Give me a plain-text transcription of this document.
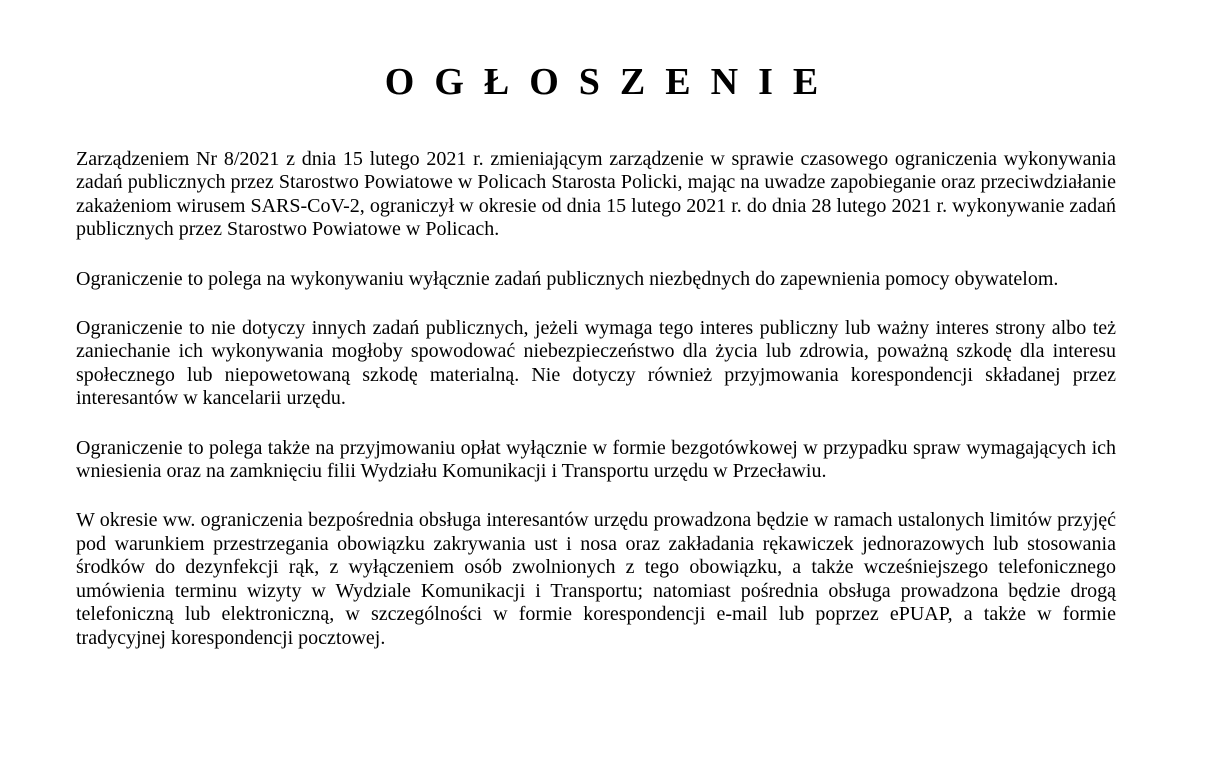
OGŁOSZENIE

Zarządzeniem Nr 8/2021 z dnia 15 lutego 2021 r. zmieniającym zarządzenie w sprawie czasowego ograniczenia wykonywania zadań publicznych przez Starostwo Powiatowe w Policach Starosta Policki, mając na uwadze zapobieganie oraz przeciwdziałanie zakażeniom wirusem SARS-CoV-2, ograniczył w okresie od dnia 15 lutego 2021 r. do dnia 28 lutego 2021 r. wykonywanie zadań publicznych przez Starostwo Powiatowe w Policach.

Ograniczenie to polega na wykonywaniu wyłącznie zadań publicznych niezbędnych do zapewnienia pomocy obywatelom.

Ograniczenie to nie dotyczy innych zadań publicznych, jeżeli wymaga tego interes publiczny lub ważny interes strony albo też zaniechanie ich wykonywania mogłoby spowodować niebezpieczeństwo dla życia lub zdrowia, poważną szkodę dla interesu społecznego lub niepowetowaną szkodę materialną. Nie dotyczy również przyjmowania korespondencji składanej przez interesantów w kancelarii urzędu.

Ograniczenie to polega także na przyjmowaniu opłat wyłącznie w formie bezgotówkowej w przypadku spraw wymagających ich wniesienia oraz na zamknięciu filii Wydziału Komunikacji i Transportu urzędu w Przecławiu.

W okresie ww. ograniczenia bezpośrednia obsługa interesantów urzędu prowadzona będzie w ramach ustalonych limitów przyjęć pod warunkiem przestrzegania obowiązku zakrywania ust i nosa oraz zakładania rękawiczek jednorazowych lub stosowania środków do dezynfekcji rąk, z wyłączeniem osób zwolnionych z tego obowiązku, a także wcześniejszego telefonicznego umówienia terminu wizyty w Wydziale Komunikacji i Transportu; natomiast pośrednia obsługa prowadzona będzie drogą telefoniczną lub elektroniczną, w szczególności w formie korespondencji e-mail lub poprzez ePUAP, a także w formie tradycyjnej korespondencji pocztowej.
